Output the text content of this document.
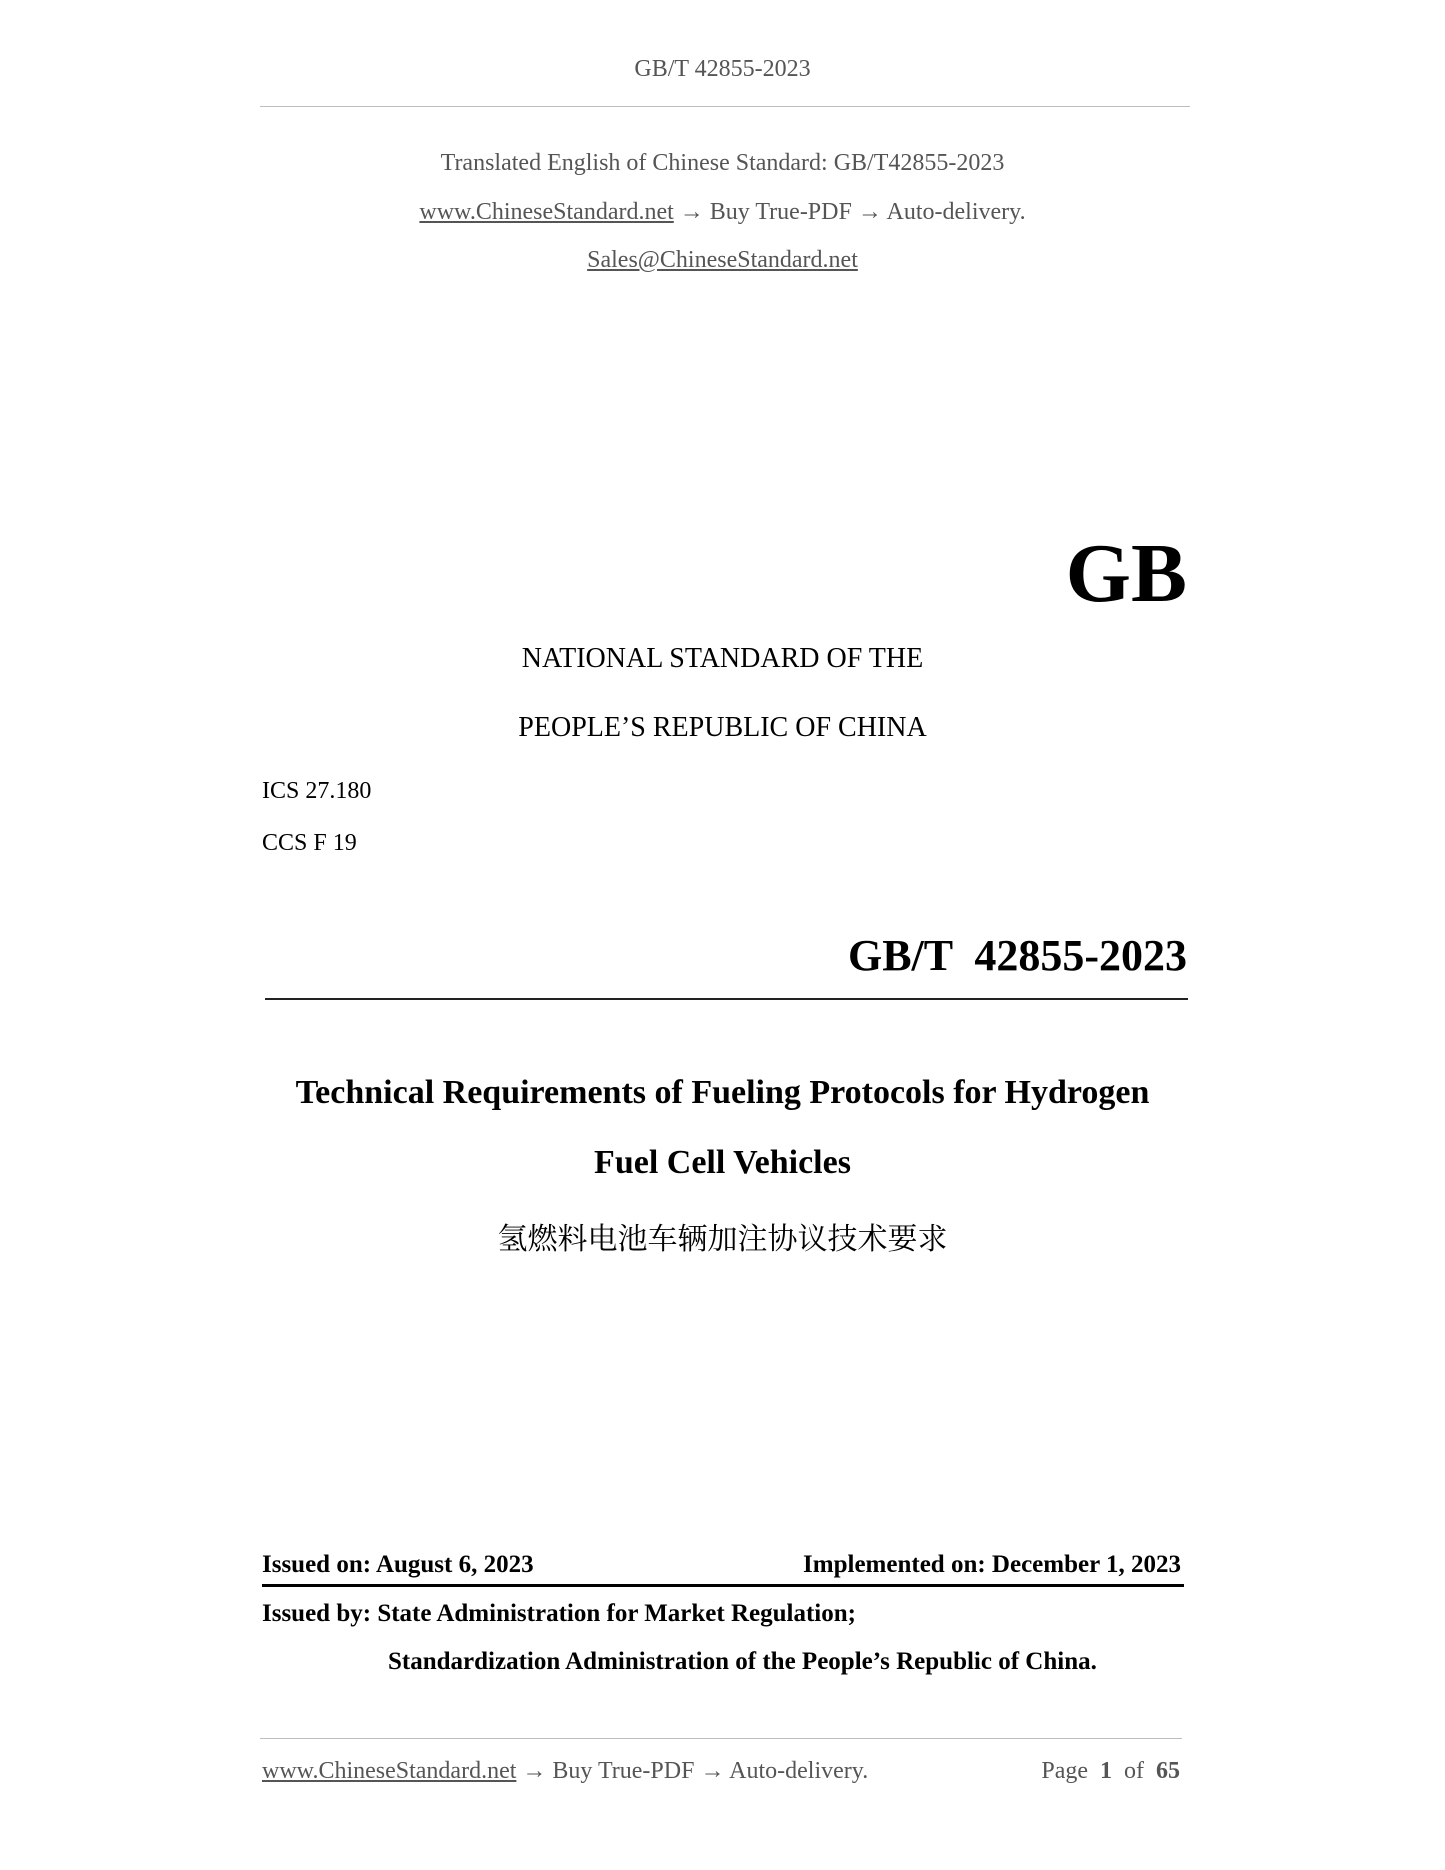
GB/T 42855-2023
Translated English of Chinese Standard: GB/T42855-2023
www.ChineseStandard.net → Buy True-PDF → Auto-delivery.
Sales@ChineseStandard.net
GB
NATIONAL STANDARD OF THE
PEOPLE’S REPUBLIC OF CHINA
ICS 27.180
CCS F 19
GB/T  42855-2023
Technical Requirements of Fueling Protocols for Hydrogen
Fuel Cell Vehicles
氢燃料电池车辆加注协议技术要求
Issued on: August 6, 2023	Implemented on: December 1, 2023
Issued by: State Administration for Market Regulation;
Standardization Administration of the People’s Republic of China.
www.ChineseStandard.net → Buy True-PDF → Auto-delivery.	Page 1 of 65
